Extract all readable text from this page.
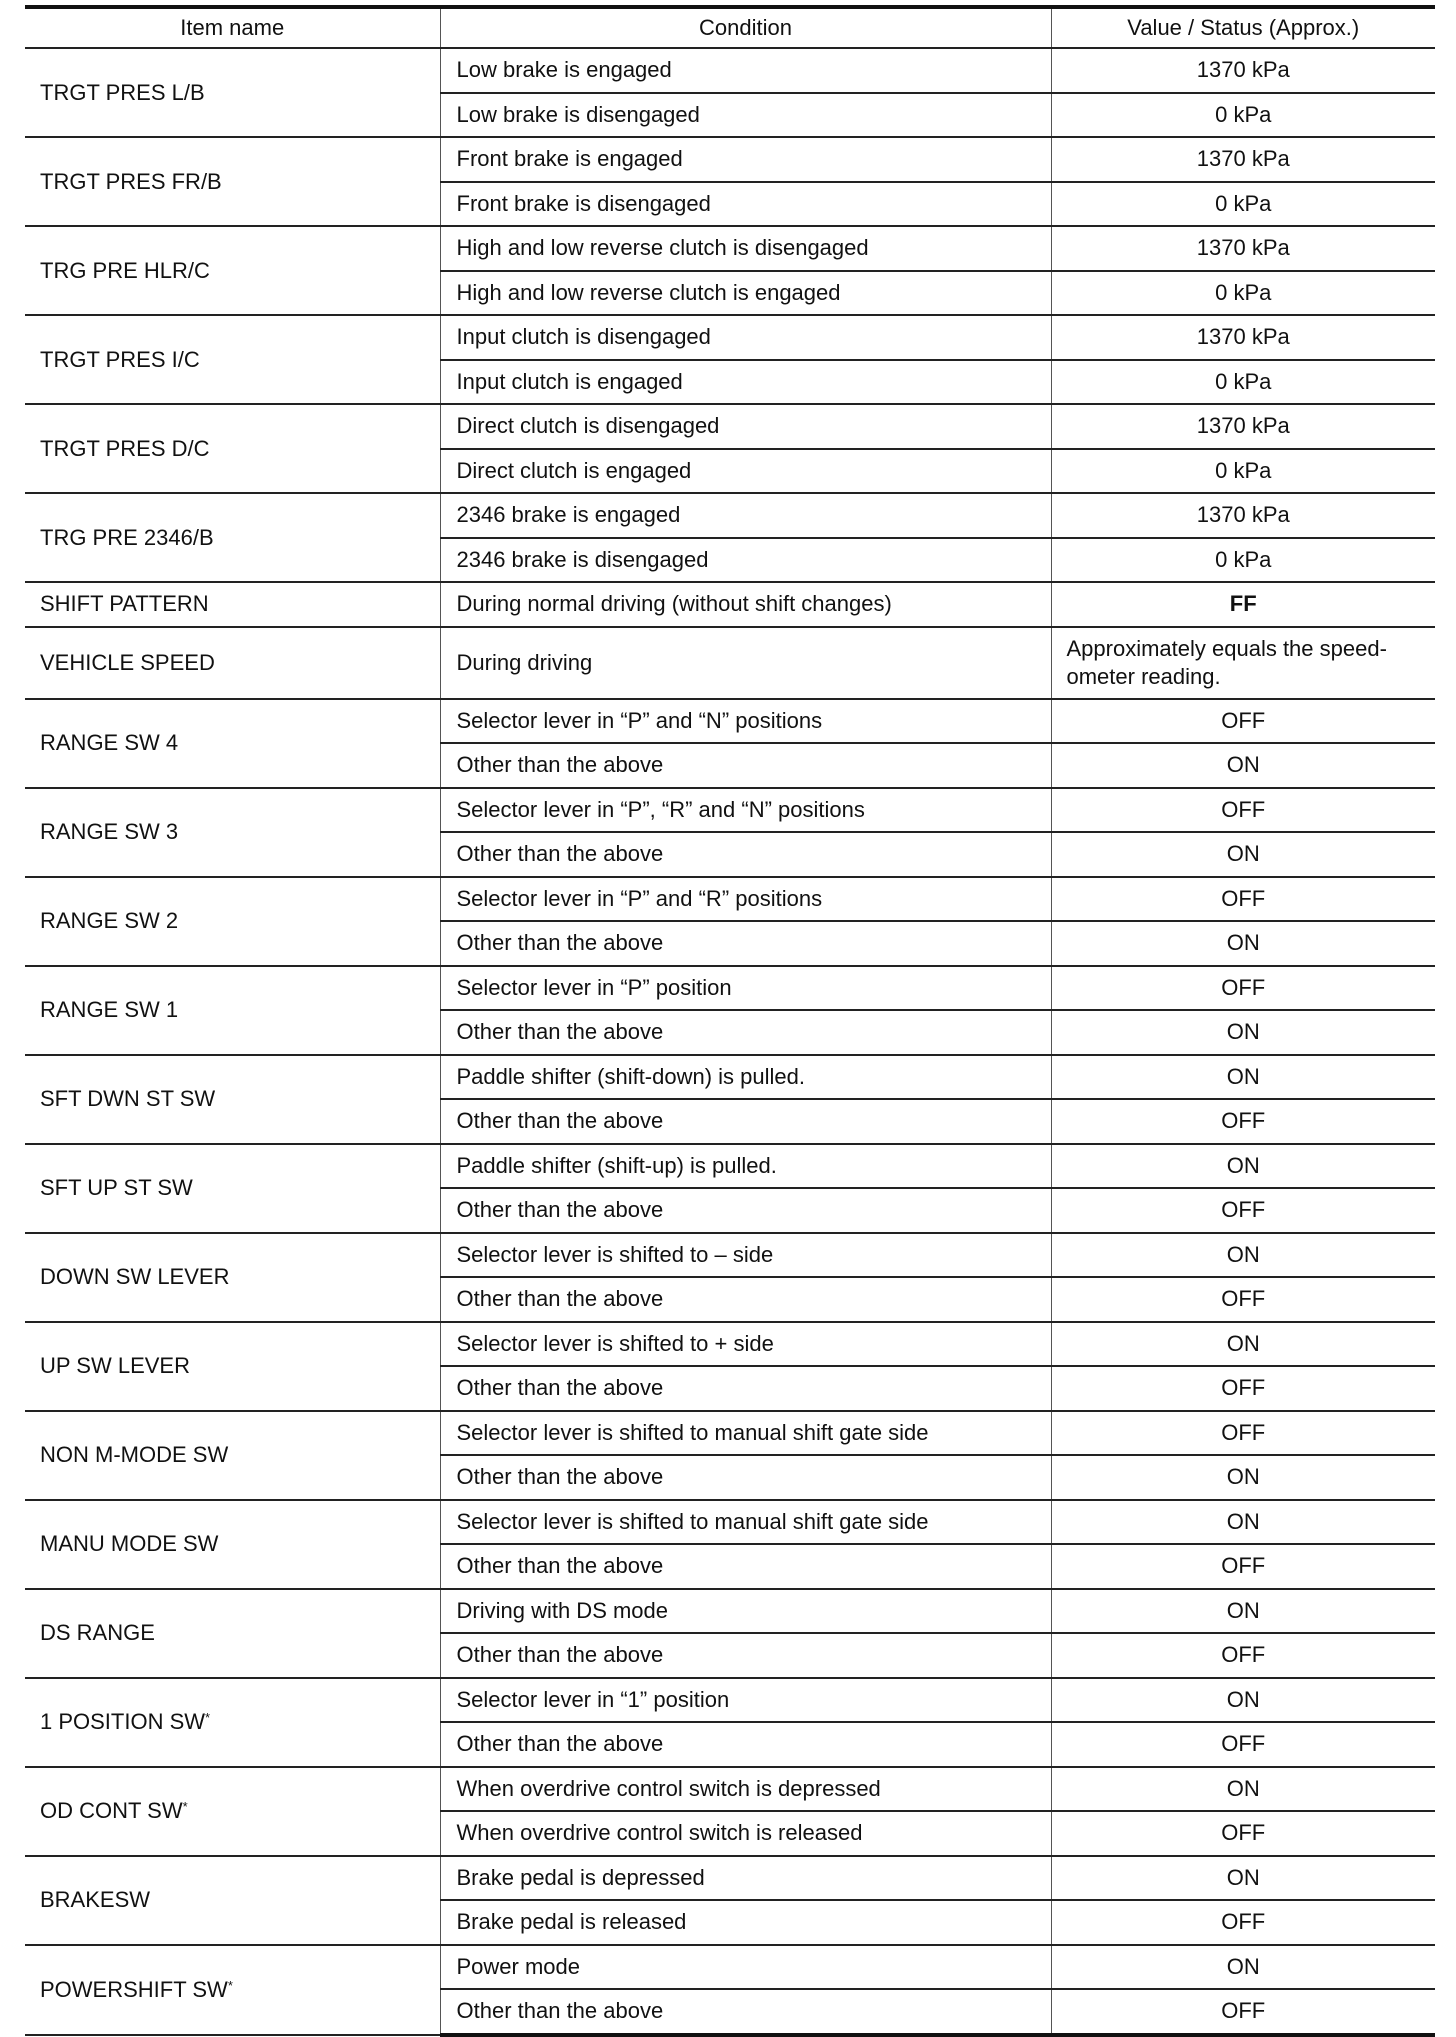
Item name	Condition	Value / Status (Approx.)
TRGT PRES L/B	Low brake is engaged	1370 kPa
	Low brake is disengaged	0 kPa
TRGT PRES FR/B	Front brake is engaged	1370 kPa
	Front brake is disengaged	0 kPa
TRG PRE HLR/C	High and low reverse clutch is disengaged	1370 kPa
	High and low reverse clutch is engaged	0 kPa
TRGT PRES I/C	Input clutch is disengaged	1370 kPa
	Input clutch is engaged	0 kPa
TRGT PRES D/C	Direct clutch is disengaged	1370 kPa
	Direct clutch is engaged	0 kPa
TRG PRE 2346/B	2346 brake is engaged	1370 kPa
	2346 brake is disengaged	0 kPa
SHIFT PATTERN	During normal driving (without shift changes)	FF
VEHICLE SPEED	During driving	Approximately equals the speed-ometer reading.
RANGE SW 4	Selector lever in “P” and “N” positions	OFF
	Other than the above	ON
RANGE SW 3	Selector lever in “P”, “R” and “N” positions	OFF
	Other than the above	ON
RANGE SW 2	Selector lever in “P” and “R” positions	OFF
	Other than the above	ON
RANGE SW 1	Selector lever in “P” position	OFF
	Other than the above	ON
SFT DWN ST SW	Paddle shifter (shift-down) is pulled.	ON
	Other than the above	OFF
SFT UP ST SW	Paddle shifter (shift-up) is pulled.	ON
	Other than the above	OFF
DOWN SW LEVER	Selector lever is shifted to – side	ON
	Other than the above	OFF
UP SW LEVER	Selector lever is shifted to + side	ON
	Other than the above	OFF
NON M-MODE SW	Selector lever is shifted to manual shift gate side	OFF
	Other than the above	ON
MANU MODE SW	Selector lever is shifted to manual shift gate side	ON
	Other than the above	OFF
DS RANGE	Driving with DS mode	ON
	Other than the above	OFF
1 POSITION SW*	Selector lever in “1” position	ON
	Other than the above	OFF
OD CONT SW*	When overdrive control switch is depressed	ON
	When overdrive control switch is released	OFF
BRAKESW	Brake pedal is depressed	ON
	Brake pedal is released	OFF
POWERSHIFT SW*	Power mode	ON
	Other than the above	OFF
